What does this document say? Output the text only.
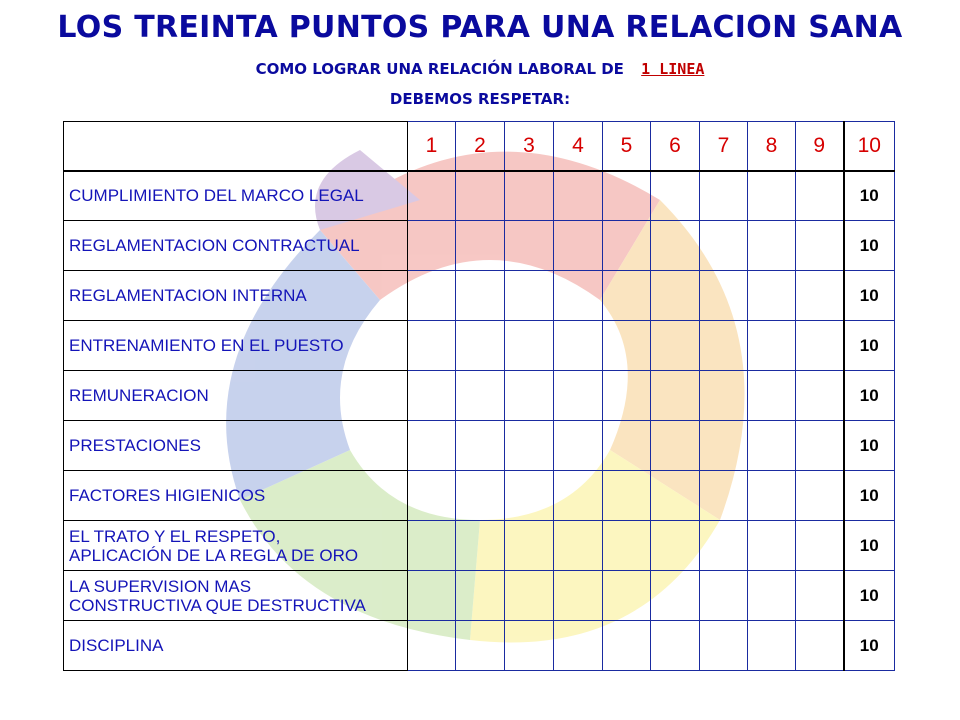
LOS TREINTA PUNTOS PARA UNA RELACION SANA
COMO LOGRAR UNA RELACIÓN LABORAL DE 1 LINEA
DEBEMOS RESPETAR:
	1	2	3	4	5	6	7	8	9	10

CUMPLIMIENTO DEL MARCO LEGAL										10

REGLAMENTACION CONTRACTUAL										10

REGLAMENTACION INTERNA										10

ENTRENAMIENTO EN EL PUESTO										10

REMUNERACION										10

PRESTACIONES										10

FACTORES HIGIENICOS										10

EL TRATO Y EL RESPETO,
APLICACIÓN DE LA REGLA DE ORO										10

LA SUPERVISION MAS
CONSTRUCTIVA QUE DESTRUCTIVA										10

DISCIPLINA										10
